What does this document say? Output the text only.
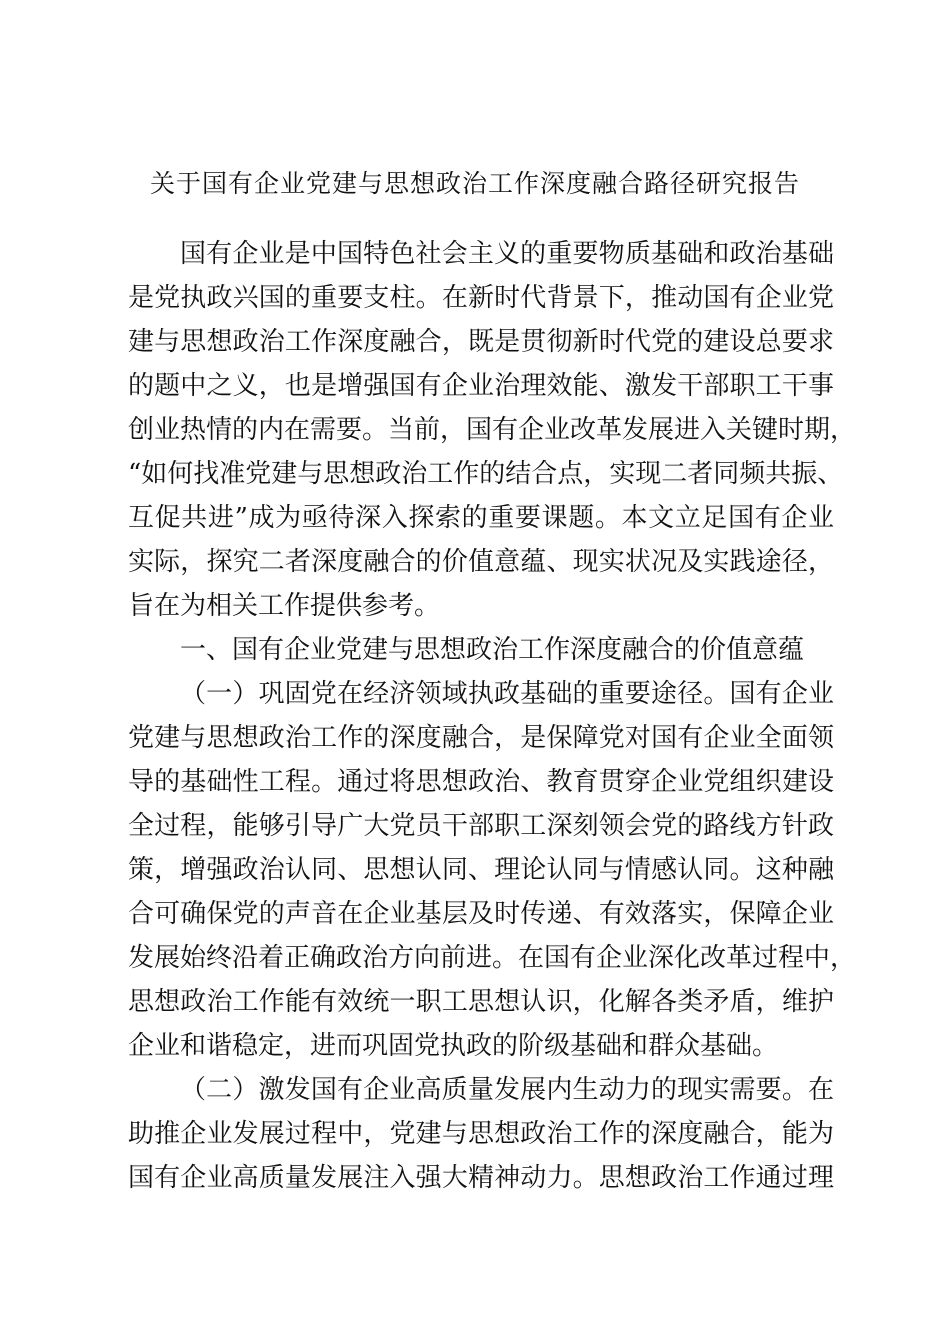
关于国有企业党建与思想政治工作深度融合路径研究报告
国有企业是中国特色社会主义的重要物质基础和政治基础
是党执政兴国的重要支柱。在新时代背景下，推动国有企业党
建与思想政治工作深度融合，既是贯彻新时代党的建设总要求
的题中之义，也是增强国有企业治理效能、激发干部职工干事
创业热情的内在需要。当前，国有企业改革发展进入关键时期，
“如何找准党建与思想政治工作的结合点，实现二者同频共振、
互促共进”成为亟待深入探索的重要课题。本文立足国有企业
实际，探究二者深度融合的价值意蕴、现实状况及实践途径，
旨在为相关工作提供参考。
一、国有企业党建与思想政治工作深度融合的价值意蕴
（一）巩固党在经济领域执政基础的重要途径。国有企业
党建与思想政治工作的深度融合，是保障党对国有企业全面领
导的基础性工程。通过将思想政治、教育贯穿企业党组织建设
全过程，能够引导广大党员干部职工深刻领会党的路线方针政
策，增强政治认同、思想认同、理论认同与情感认同。这种融
合可确保党的声音在企业基层及时传递、有效落实，保障企业
发展始终沿着正确政治方向前进。在国有企业深化改革过程中，
思想政治工作能有效统一职工思想认识，化解各类矛盾，维护
企业和谐稳定，进而巩固党执政的阶级基础和群众基础。
（二）激发国有企业高质量发展内生动力的现实需要。在
助推企业发展过程中，党建与思想政治工作的深度融合，能为
国有企业高质量发展注入强大精神动力。思想政治工作通过理
